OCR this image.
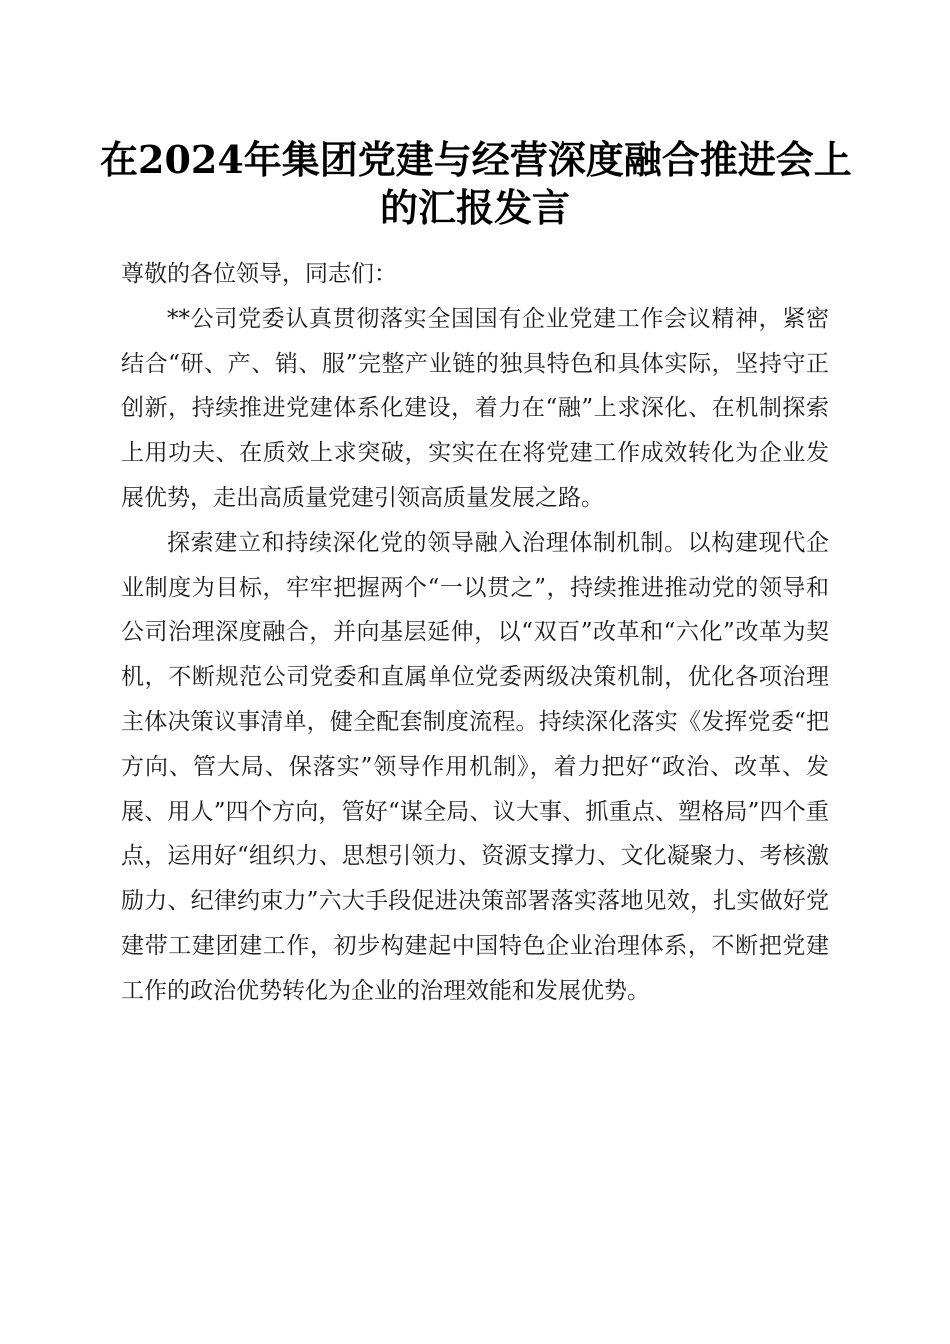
在2024年集团党建与经营深度融合推进会上
的汇报发言

尊敬的各位领导，同志们：

**公司党委认真贯彻落实全国国有企业党建工作会议精神，紧密结合“研、产、销、服”完整产业链的独具特色和具体实际，坚持守正创新，持续推进党建体系化建设，着力在“融”上求深化、在机制探索上用功夫、在质效上求突破，实实在在将党建工作成效转化为企业发展优势，走出高质量党建引领高质量发展之路。

探索建立和持续深化党的领导融入治理体制机制。以构建现代企业制度为目标，牢牢把握两个“一以贯之”，持续推进推动党的领导和公司治理深度融合，并向基层延伸，以“双百”改革和“六化”改革为契机，不断规范公司党委和直属单位党委两级决策机制，优化各项治理主体决策议事清单，健全配套制度流程。持续深化落实《发挥党委“把方向、管大局、保落实”领导作用机制》，着力把好“政治、改革、发展、用人”四个方向，管好“谋全局、议大事、抓重点、塑格局”四个重点，运用好“组织力、思想引领力、资源支撑力、文化凝聚力、考核激励力、纪律约束力”六大手段促进决策部署落实落地见效，扎实做好党建带工建团建工作，初步构建起中国特色企业治理体系，不断把党建工作的政治优势转化为企业的治理效能和发展优势。
